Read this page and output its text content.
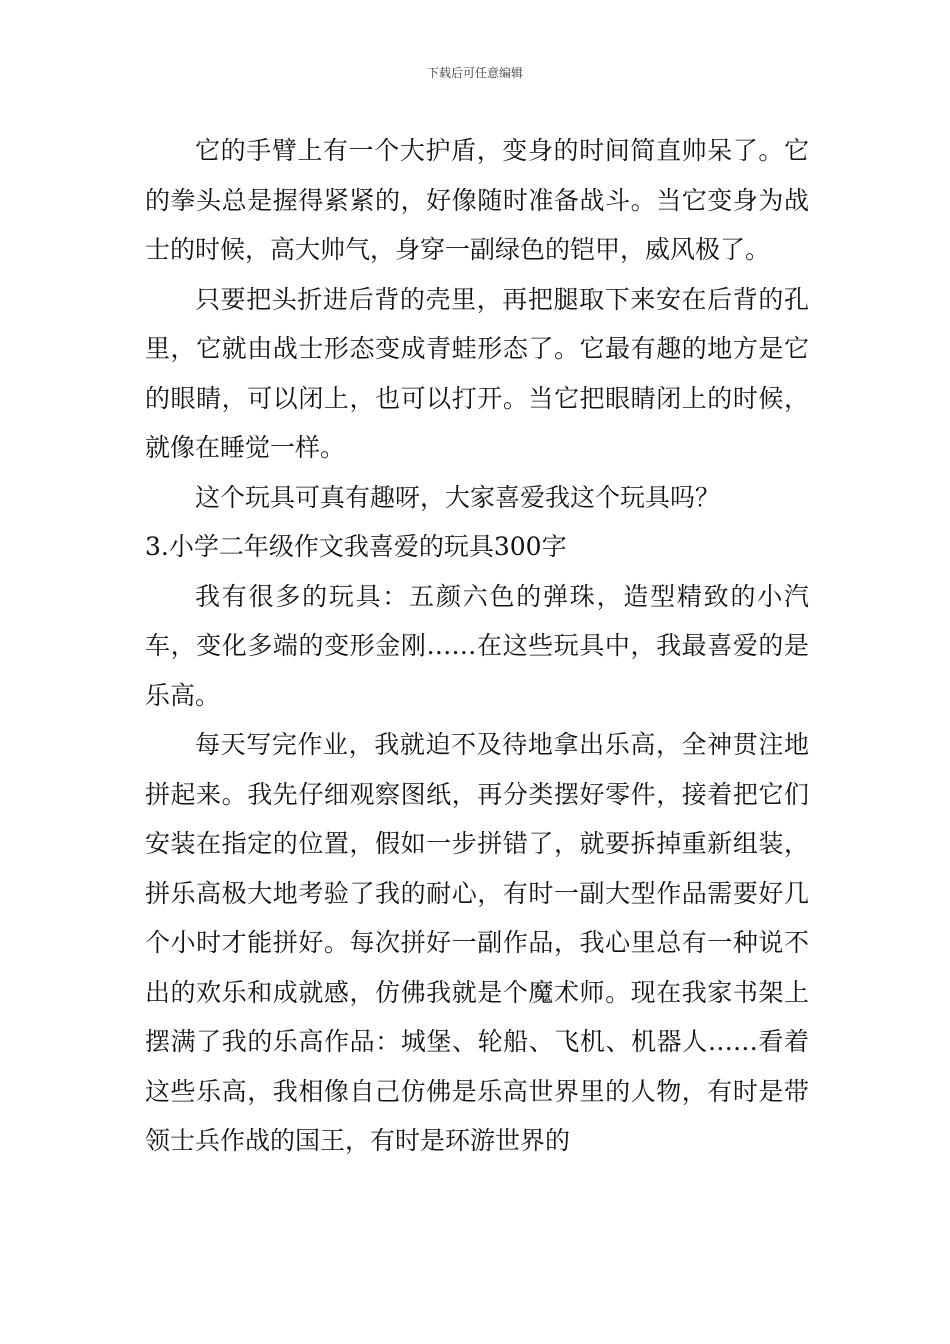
下载后可任意编辑

它的手臂上有一个大护盾，变身的时间简直帅呆了。它的拳头总是握得紧紧的，好像随时准备战斗。当它变身为战士的时候，高大帅气，身穿一副绿色的铠甲，威风极了。

只要把头折进后背的壳里，再把腿取下来安在后背的孔里，它就由战士形态变成青蛙形态了。它最有趣的地方是它的眼睛，可以闭上，也可以打开。当它把眼睛闭上的时候，就像在睡觉一样。

这个玩具可真有趣呀，大家喜爱我这个玩具吗？

3.小学二年级作文我喜爱的玩具300字

我有很多的玩具：五颜六色的弹珠，造型精致的小汽车，变化多端的变形金刚……在这些玩具中，我最喜爱的是乐高。

每天写完作业，我就迫不及待地拿出乐高，全神贯注地拼起来。我先仔细观察图纸，再分类摆好零件，接着把它们安装在指定的位置，假如一步拼错了，就要拆掉重新组装，拼乐高极大地考验了我的耐心，有时一副大型作品需要好几个小时才能拼好。每次拼好一副作品，我心里总有一种说不出的欢乐和成就感，仿佛我就是个魔术师。现在我家书架上摆满了我的乐高作品：城堡、轮船、飞机、机器人……看着这些乐高，我相像自己仿佛是乐高世界里的人物，有时是带领士兵作战的国王，有时是环游世界的
